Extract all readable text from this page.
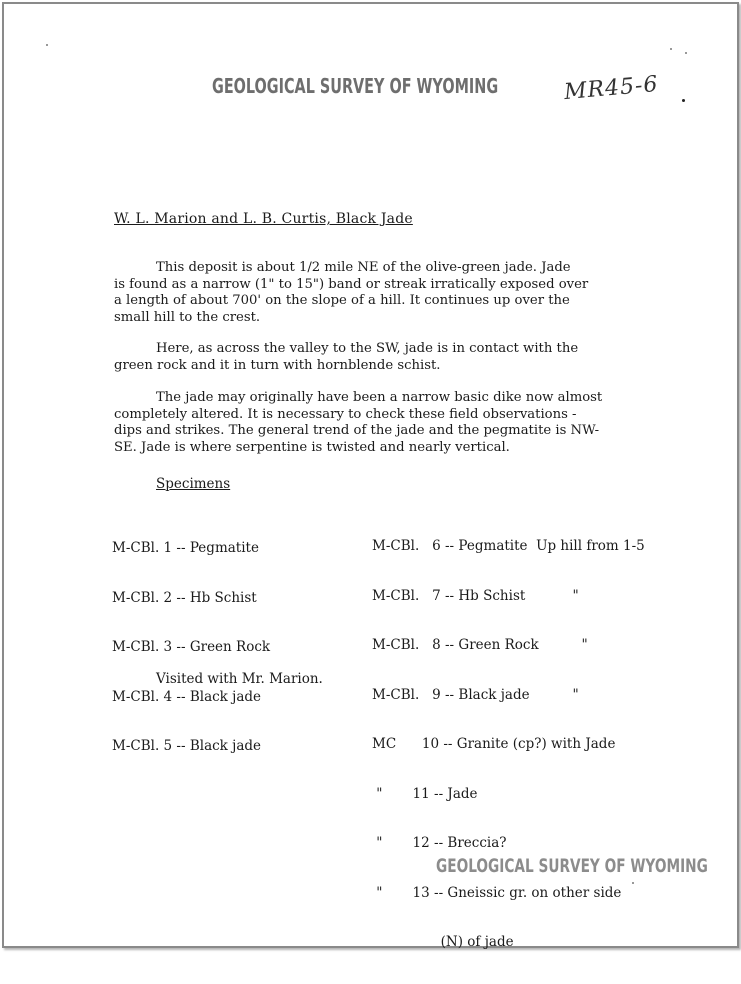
GEOLOGICAL SURVEY OF WYOMING	MR45-6
W. L. Marion and L. B. Curtis, Black Jade

This deposit is about 1/2 mile NE of the olive-green jade. Jade
is found as a narrow (1" to 15") band or streak irratically exposed over
a length of about 700' on the slope of a hill. It continues up over the
small hill to the crest.

Here, as across the valley to the SW, jade is in contact with the
green rock and it in turn with hornblende schist.

The jade may originally have been a narrow basic dike now almost
completely altered. It is necessary to check these field observations -
dips and strikes. The general trend of the jade and the pegmatite is NW-
SE. Jade is where serpentine is twisted and nearly vertical.

Specimens

M-CBl. 1 -- Pegmatite

M-CBl. 2 -- Hb Schist

M-CBl. 3 -- Green Rock

M-CBl. 4 -- Black jade

M-CBl. 5 -- Black jade

M-CBl.   6 -- Pegmatite  Up hill from 1-5

M-CBl.   7 -- Hb Schist           "

M-CBl.   8 -- Green Rock          "

M-CBl.   9 -- Black jade          "

MC      10 -- Granite (cp?) with Jade

"       11 -- Jade

"       12 -- Breccia?

"       13 -- Gneissic gr. on other side

(N) of jade

Visited with Mr. Marion.
GEOLOGICAL SURVEY OF WYOMING
